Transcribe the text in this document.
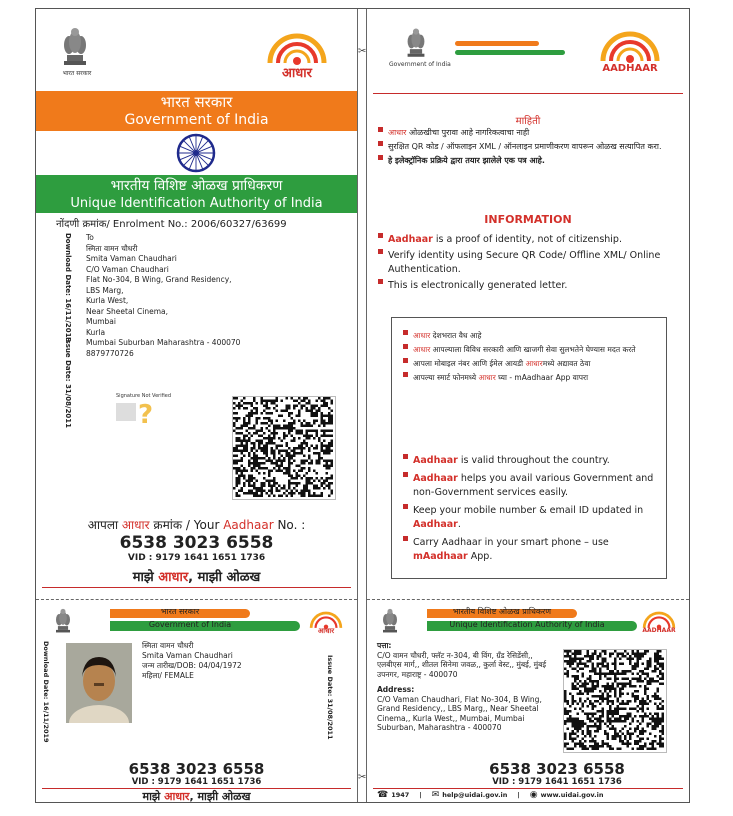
भारत सरकार	आधार
भारत सरकार
Government of India
भारतीय विशिष्ट ओळख प्राधिकरण
Unique Identification Authority of India
नोंदणी क्रमांक/ Enrolment No.: 2006/60327/63699
Download Date: 16/11/2019
Issue Date: 31/08/2011
To
स्मिता वामन चौधरी
Smita Vaman Chaudhari
C/O Vaman Chaudhari
Flat No-304, B Wing, Grand Residency,
LBS Marg,
Kurla West,
Near Sheetal Cinema,
Mumbai
Kurla
Mumbai Suburban Maharashtra - 400070
8879770726
Signature Not Verified
?
आपला आधार क्रमांक / Your Aadhaar No. :
6538 3023 6558
VID : 9179 1641 1651 1736
माझे आधार, माझी ओळख
भारत सरकार
Government of India
आधार
Download Date: 16/11/2019	Issue Date: 31/08/2011
स्मिता वामन चौधरी
Smita Vaman Chaudhari
जन्म तारीख/DOB: 04/04/1972
महिला/ FEMALE
6538 3023 6558
VID : 9179 1641 1651 1736
माझे आधार, माझी ओळख
✂
✂
Government of India	AADHAAR
माहिती
आधार ओळखीचा पुरावा आहे नागरिकत्वाचा नाही
सुरक्षित QR कोड / ऑफलाइन XML / ऑनलाइन प्रमाणीकरण वापरून ओळख सत्यापित करा.
हे इलेक्ट्रॉनिक प्रक्रिये द्वारा तयार झालेले एक पत्र आहे.
INFORMATION
Aadhaar is a proof of identity, not of citizenship.
Verify identity using Secure QR Code/ Offline XML/ Online Authentication.
This is electronically generated letter.
आधार देशभरात वैध आहे
आधार आपल्याला विविध सरकारी आणि खाजगी सेवा सुलभतेने घेण्यास मदत करते
आपला मोबाइल नंबर आणि ईमेल आयडी आधारमध्ये अद्यावत ठेवा
आपल्या स्मार्ट फोनमध्ये आधार घ्या - mAadhaar App वापरा
Aadhaar is valid throughout the country.
Aadhaar helps you avail various Government and non-Government services easily.
Keep your mobile number & email ID updated in Aadhaar.
Carry Aadhaar in your smart phone – use mAadhaar App.
भारतीय विशिष्ट ओळख प्राधिकरण
Unique Identification Authority of India
AADHAAR
पत्ता:
C/O वामन चौधरी, फ्लॅट न-304, बी विंग, ग्रँड रेसिडेंसी,, एलबीएस मार्ग,, शीतल सिनेमा जवळ,, कुर्ला वेस्ट,, मुंबई, मुंबई उपनगर, महाराष्ट्र - 400070
Address:
C/O Vaman Chaudhari, Flat No-304, B Wing, Grand Residency,, LBS Marg,, Near Sheetal Cinema,, Kurla West,, Mumbai, Mumbai Suburban, Maharashtra - 400070
6538 3023 6558
VID : 9179 1641 1651 1736
☎ 1947 | ✉ help@uidai.gov.in | ◉ www.uidai.gov.in
